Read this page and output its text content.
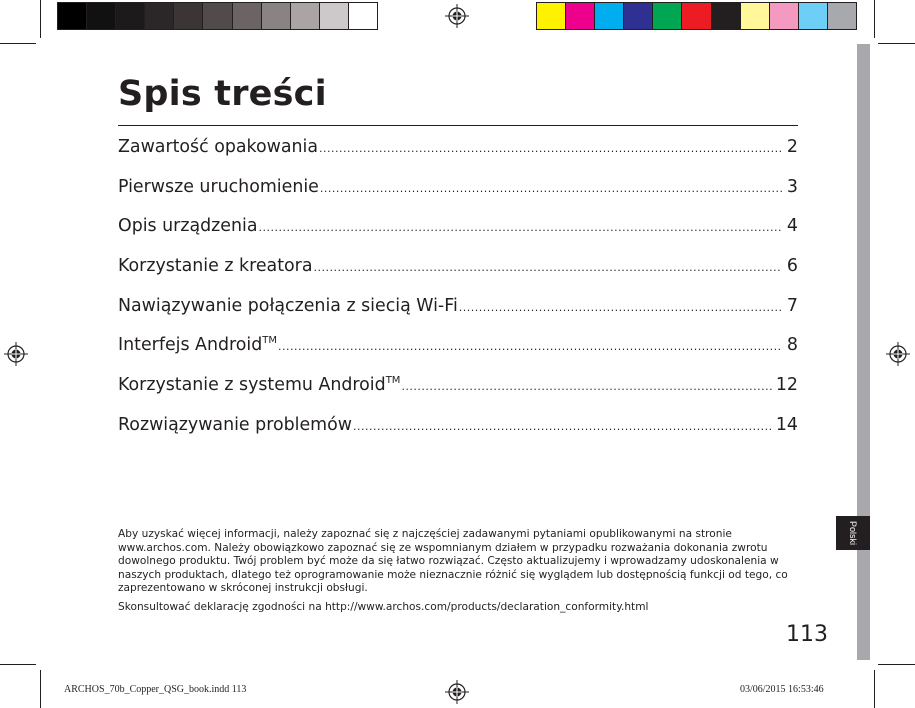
Polski
Spis treści
Zawartość opakowania .....	2
Pierwsze uruchomienie .....	3
Opis urządzenia .....	4
Korzystanie z kreatora .....	6
Nawiązywanie połączenia z siecią Wi-Fi .....	7
Interfejs Android™ .....	8
Korzystanie z systemu Android™ .....	12
Rozwiązywanie problemów .....	14

Aby uzyskać więcej informacji, należy zapoznać się z najczęściej zadawanymi pytaniami opublikowanymi na stronie www.archos.com. Należy obowiązkowo zapoznać się ze wspomnianym działem w przypadku rozważania dokonania zwrotu dowolnego produktu. Twój problem być może da się łatwo rozwiązać. Często aktualizujemy i wprowadzamy udoskonalenia w naszych produktach, dlatego też oprogramowanie może nieznacznie różnić się wyglądem lub dostępnością funkcji od tego, co zaprezentowano w skróconej instrukcji obsługi.

Skonsultować deklarację zgodności na http://www.archos.com/products/declaration_conformity.html

113
ARCHOS_70b_Copper_QSG_book.indd 113	03/06/2015 16:53:46
